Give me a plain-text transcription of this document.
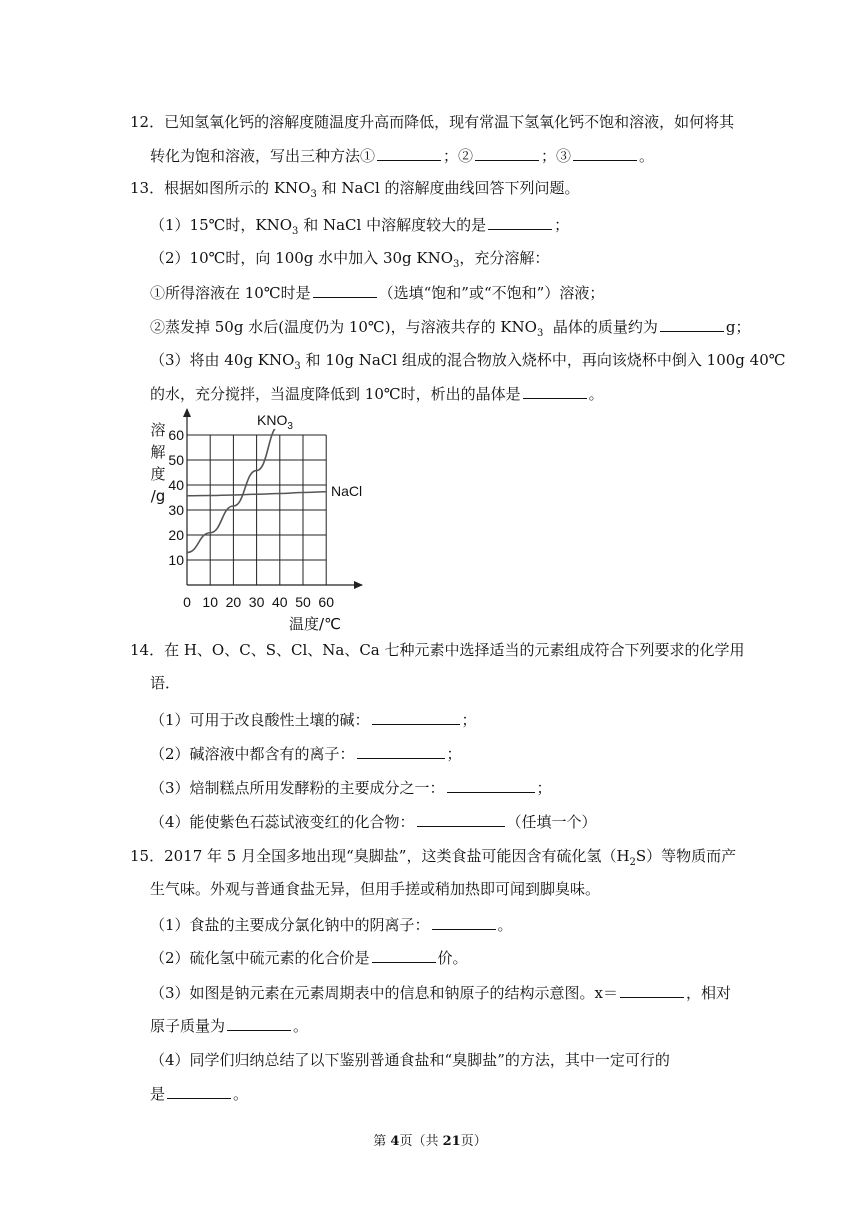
12．已知氢氧化钙的溶解度随温度升高而降低，现有常温下氢氧化钙不饱和溶液，如何将其
转化为饱和溶液，写出三种方法①	；②	；③	。
13．根据如图所示的 $KNO_3$ 和 NaCl 的溶解度曲线回答下列问题。
（1）15℃时，$KNO_3$ 和 NaCl 中溶解度较大的是	；
（2）10℃时，向 100g 水中加入 30g $KNO_3$，充分溶解：
①所得溶液在 10℃时是	（选填“饱和”或“不饱和”）溶液；
②蒸发掉 50g 水后(温度仍为 10℃)，与溶液共存的 $KNO_3$ 晶体的质量约为	g；
（3）将由 40g $KNO_3$ 和 10g NaCl 组成的混合物放入烧杯中，再向该烧杯中倒入 100g 40℃
的水，充分搅拌，当温度降低到 10℃时，析出的晶体是	。
10
20
30
40
50
60
0 10 20 30 40 50 60
溶
解
度
/g
温度/℃
$KNO_3$
NaCl
14．在 H、O、C、S、Cl、Na、Ca 七种元素中选择适当的元素组成符合下列要求的化学用
语．
（1）可用于改良酸性土壤的碱：	；
（2）碱溶液中都含有的离子：	；
（3）焙制糕点所用发酵粉的主要成分之一：	；
（4）能使紫色石蕊试液变红的化合物：	（任填一个）
15．2017 年 5 月全国多地出现“臭脚盐”，这类食盐可能因含有硫化氢$(H_2S)$等物质而产
生气味。外观与普通食盐无异，但用手搓或稍加热即可闻到脚臭味。
（1）食盐的主要成分氯化钠中的阴离子：	。
（2）硫化氢中硫元素的化合价是	价。
（3）如图是钠元素在元素周期表中的信息和钠原子的结构示意图。x＝	，相对
原子质量为	。
（4）同学们归纳总结了以下鉴别普通食盐和“臭脚盐”的方法，其中一定可行的
是	。
第 4页（共 21页）
